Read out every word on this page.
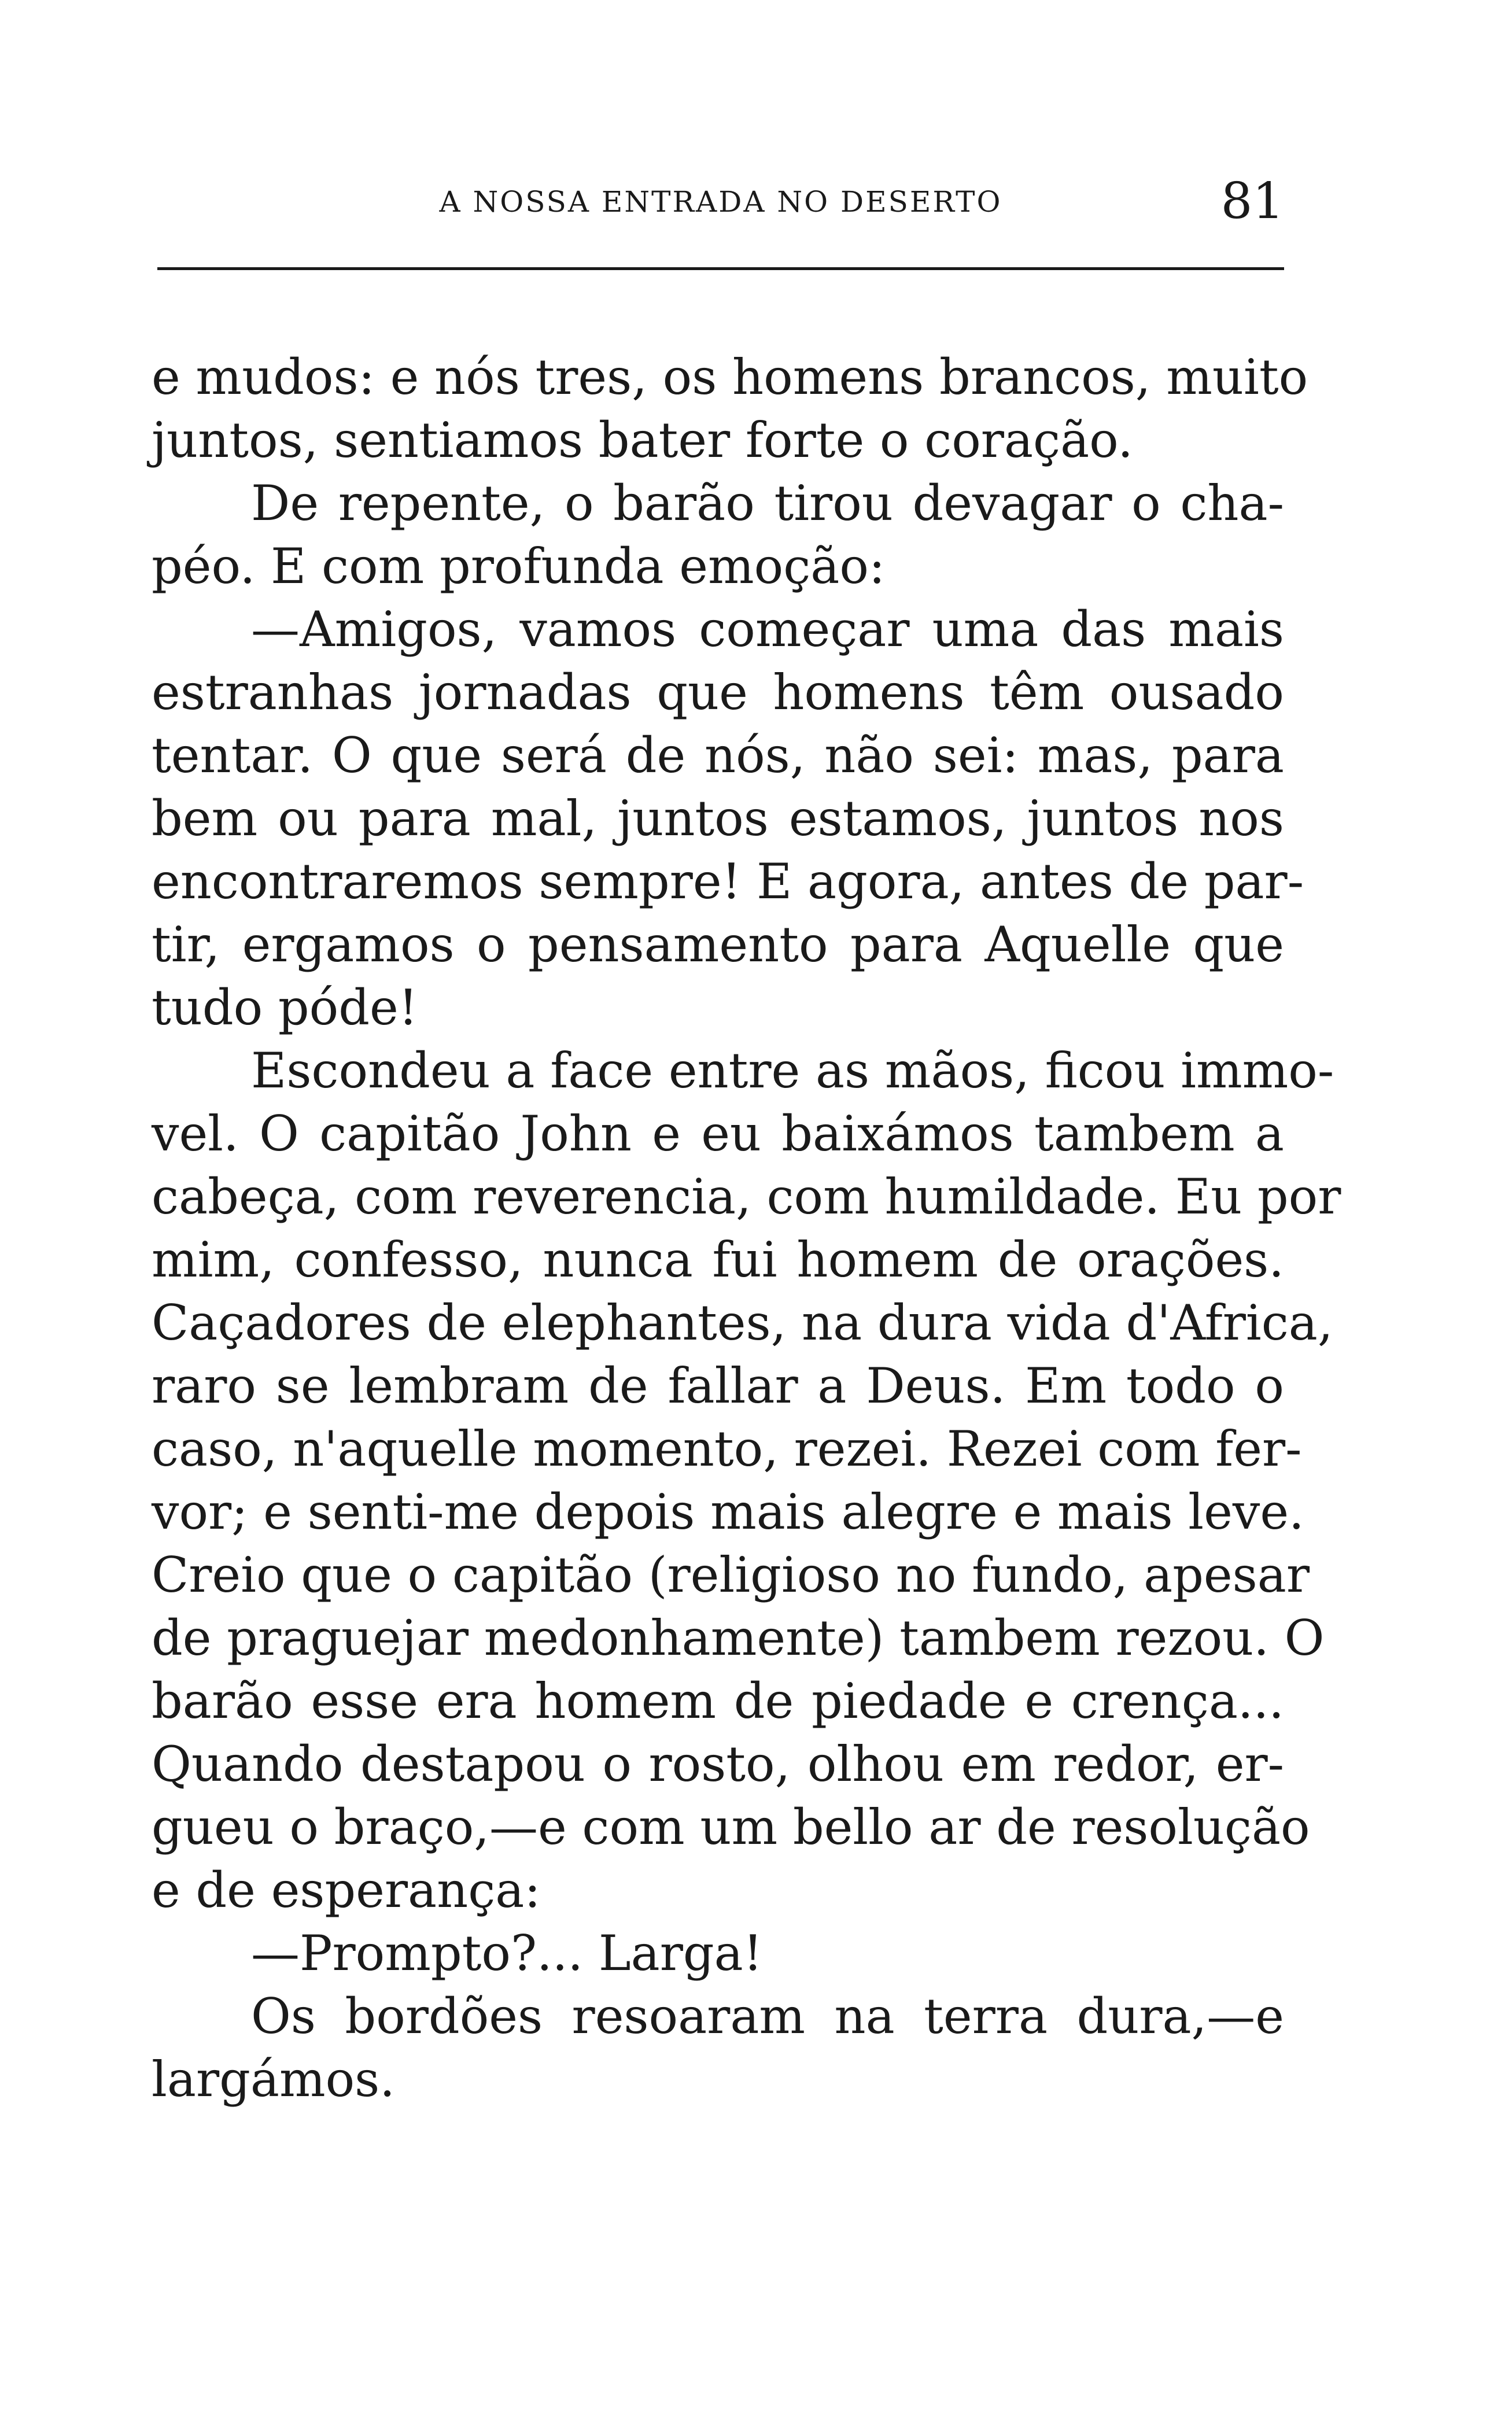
A NOSSA ENTRADA NO DESERTO	81
e mudos: e nós tres, os homens brancos, muito
juntos, sentiamos bater forte o coração.
De repente, o barão tirou devagar o cha-
péo. E com profunda emoção:
—Amigos, vamos começar uma das mais
estranhas jornadas que homens têm ousado
tentar. O que será de nós, não sei: mas, para
bem ou para mal, juntos estamos, juntos nos
encontraremos sempre! E agora, antes de par-
tir, ergamos o pensamento para Aquelle que
tudo póde!
Escondeu a face entre as mãos, ficou immo-
vel. O capitão John e eu baixámos tambem a
cabeça, com reverencia, com humildade. Eu por
mim, confesso, nunca fui homem de orações.
Caçadores de elephantes, na dura vida d'Africa,
raro se lembram de fallar a Deus. Em todo o
caso, n'aquelle momento, rezei. Rezei com fer-
vor; e senti-me depois mais alegre e mais leve.
Creio que o capitão (religioso no fundo, apesar
de praguejar medonhamente) tambem rezou. O
barão esse era homem de piedade e crença...
Quando destapou o rosto, olhou em redor, er-
gueu o braço,—e com um bello ar de resolução
e de esperança:
—Prompto?... Larga!
Os bordões resoaram na terra dura,—e
largámos.
